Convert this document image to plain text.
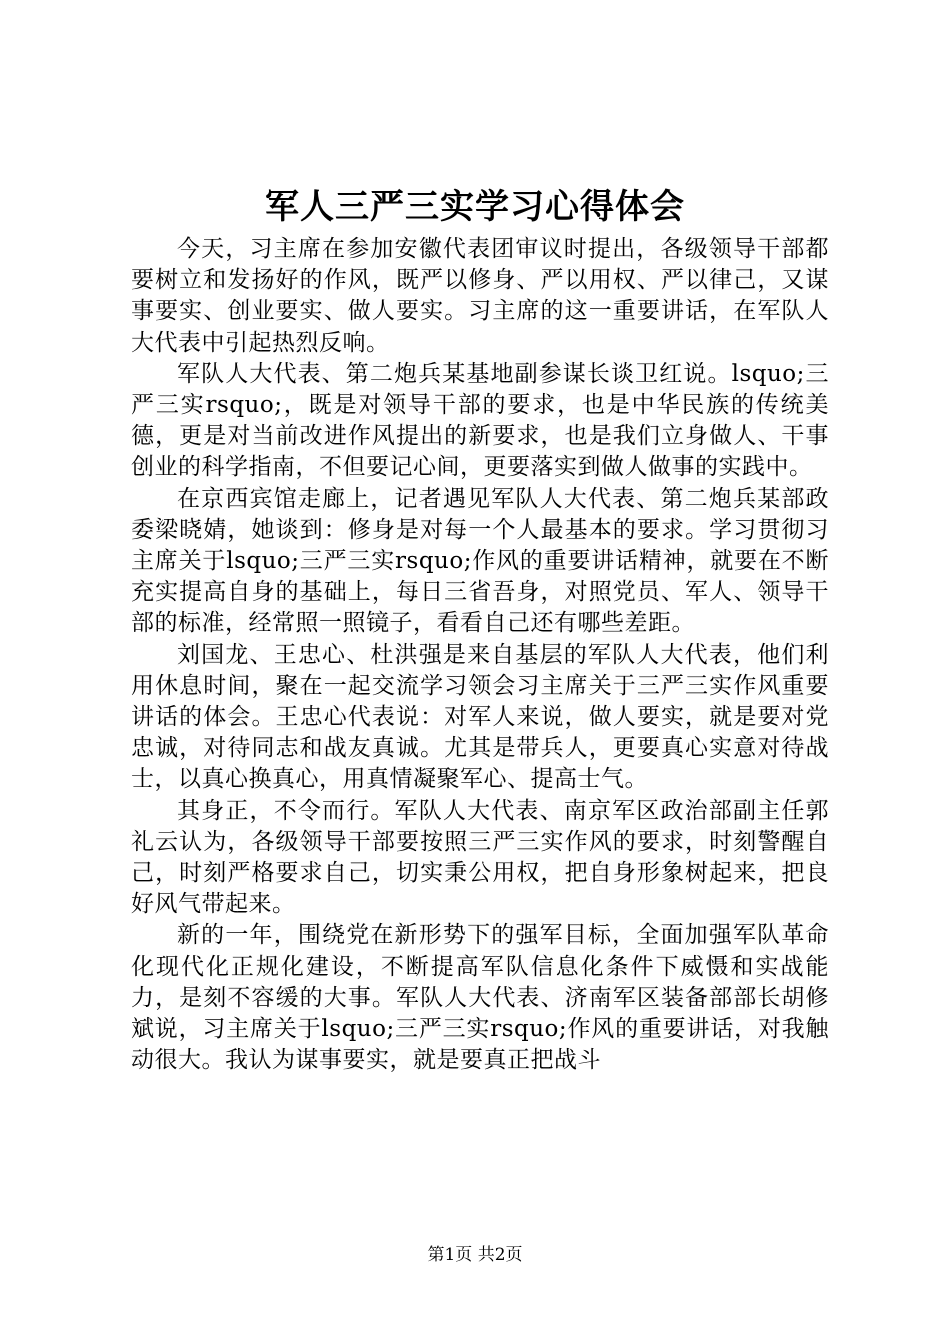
军人三严三实学习心得体会

今天，习主席在参加安徽代表团审议时提出，各级领导干部都要树立和发扬好的作风，既严以修身、严以用权、严以律己，又谋事要实、创业要实、做人要实。习主席的这一重要讲话，在军队人大代表中引起热烈反响。

军队人大代表、第二炮兵某基地副参谋长谈卫红说。lsquo;三严三实rsquo;，既是对领导干部的要求，也是中华民族的传统美德，更是对当前改进作风提出的新要求，也是我们立身做人、干事创业的科学指南，不但要记心间，更要落实到做人做事的实践中。

在京西宾馆走廊上，记者遇见军队人大代表、第二炮兵某部政委梁晓婧，她谈到：修身是对每一个人最基本的要求。学习贯彻习主席关于lsquo;三严三实rsquo;作风的重要讲话精神，就要在不断充实提高自身的基础上，每日三省吾身，对照党员、军人、领导干部的标准，经常照一照镜子，看看自己还有哪些差距。

刘国龙、王忠心、杜洪强是来自基层的军队人大代表，他们利用休息时间，聚在一起交流学习领会习主席关于三严三实作风重要讲话的体会。王忠心代表说：对军人来说，做人要实，就是要对党忠诚，对待同志和战友真诚。尤其是带兵人，更要真心实意对待战士，以真心换真心，用真情凝聚军心、提高士气。

其身正，不令而行。军队人大代表、南京军区政治部副主任郭礼云认为，各级领导干部要按照三严三实作风的要求，时刻警醒自己，时刻严格要求自己，切实秉公用权，把自身形象树起来，把良好风气带起来。

新的一年，围绕党在新形势下的强军目标，全面加强军队革命化现代化正规化建设，不断提高军队信息化条件下威慑和实战能力，是刻不容缓的大事。军队人大代表、济南军区装备部部长胡修斌说，习主席关于lsquo;三严三实rsquo;作风的重要讲话，对我触动很大。我认为谋事要实，就是要真正把战斗

第1页 共2页
